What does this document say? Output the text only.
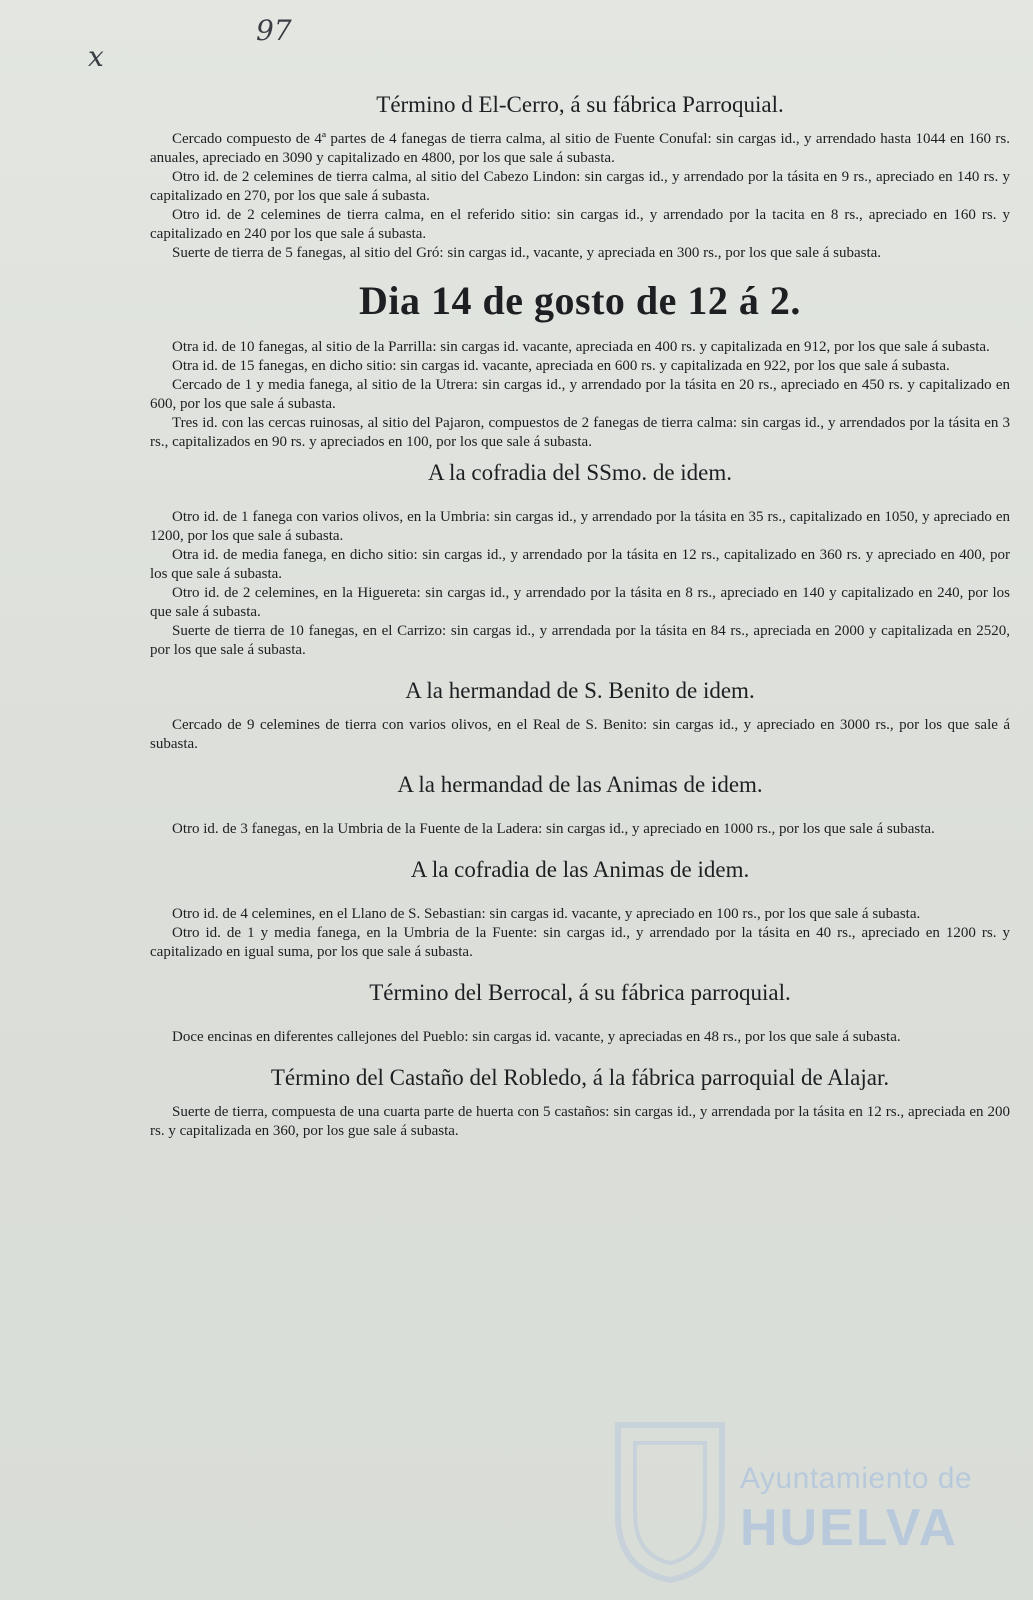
x
97
Término d El-Cerro, á su fábrica Parroquial.

Cercado compuesto de 4ª partes de 4 fanegas de tierra calma, al sitio de Fuente Conufal: sin cargas id., y arrendado hasta 1044 en 160 rs. anuales, apreciado en 3090 y capitalizado en 4800, por los que sale á subasta.

Otro id. de 2 celemines de tierra calma, al sitio del Cabezo Lindon: sin cargas id., y arrendado por la tásita en 9 rs., apreciado en 140 rs. y capitalizado en 270, por los que sale á subasta.

Otro id. de 2 celemines de tierra calma, en el referido sitio: sin cargas id., y arrendado por la tacita en 8 rs., apreciado en 160 rs. y capitalizado en 240 por los que sale á subasta.

Suerte de tierra de 5 fanegas, al sitio del Gró: sin cargas id., vacante, y apreciada en 300 rs., por los que sale á subasta.

Dia 14 de gosto de 12 á 2.

Otra id. de 10 fanegas, al sitio de la Parrilla: sin cargas id. vacante, apreciada en 400 rs. y capitalizada en 912, por los que sale á subasta.

Otra id. de 15 fanegas, en dicho sitio: sin cargas id. vacante, apreciada en 600 rs. y capitalizada en 922, por los que sale á subasta.

Cercado de 1 y media fanega, al sitio de la Utrera: sin cargas id., y arrendado por la tásita en 20 rs., apreciado en 450 rs. y capitalizado en 600, por los que sale á subasta.

Tres id. con las cercas ruinosas, al sitio del Pajaron, compuestos de 2 fanegas de tierra calma: sin cargas id., y arrendados por la tásita en 3 rs., capitalizados en 90 rs. y apreciados en 100, por los que sale á subasta.

A la cofradia del SSmo. de idem.

Otro id. de 1 fanega con varios olivos, en la Umbria: sin cargas id., y arrendado por la tásita en 35 rs., capitalizado en 1050, y apreciado en 1200, por los que sale á subasta.

Otra id. de media fanega, en dicho sitio: sin cargas id., y arrendado por la tásita en 12 rs., capitalizado en 360 rs. y apreciado en 400, por los que sale á subasta.

Otro id. de 2 celemines, en la Higuereta: sin cargas id., y arrendado por la tásita en 8 rs., apreciado en 140 y capitalizado en 240, por los que sale á subasta.

Suerte de tierra de 10 fanegas, en el Carrizo: sin cargas id., y arrendada por la tásita en 84 rs., apreciada en 2000 y capitalizada en 2520, por los que sale á subasta.

A la hermandad de S. Benito de idem.

Cercado de 9 celemines de tierra con varios olivos, en el Real de S. Benito: sin cargas id., y apreciado en 3000 rs., por los que sale á subasta.

A la hermandad de las Animas de idem.

Otro id. de 3 fanegas, en la Umbria de la Fuente de la Ladera: sin cargas id., y apreciado en 1000 rs., por los que sale á subasta.

A la cofradia de las Animas de idem.

Otro id. de 4 celemines, en el Llano de S. Sebastian: sin cargas id. vacante, y apreciado en 100 rs., por los que sale á subasta.

Otro id. de 1 y media fanega, en la Umbria de la Fuente: sin cargas id., y arrendado por la tásita en 40 rs., apreciado en 1200 rs. y capitalizado en igual suma, por los que sale á subasta.

Término del Berrocal, á su fábrica parroquial.

Doce encinas en diferentes callejones del Pueblo: sin cargas id. vacante, y apreciadas en 48 rs., por los que sale á subasta.

Término del Castaño del Robledo, á la fábrica parroquial de Alajar.

Suerte de tierra, compuesta de una cuarta parte de huerta con 5 castaños: sin cargas id., y arrendada por la tásita en 12 rs., apreciada en 200 rs. y capitalizada en 360, por los gue sale á subasta.

Ayuntamiento de
HUELVA
